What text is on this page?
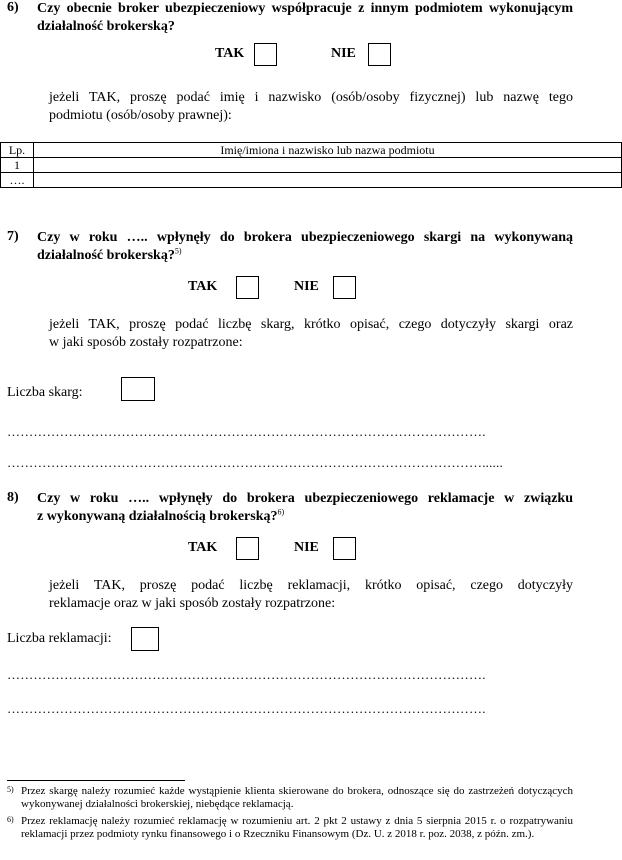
6) Czy obecnie broker ubezpieczeniowy współpracuje z innym podmiotem wykonującym
działalność brokerską?
TAK	NIE
jeżeli TAK, proszę podać imię i nazwisko (osób/osoby fizycznej) lub nazwę tego
podmiotu (osób/osoby prawnej):
Lp.	Imię/imiona i nazwisko lub nazwa podmiotu
1	
….	
7) Czy w roku ….. wpłynęły do brokera ubezpieczeniowego skargi na wykonywaną
działalność brokerską?$^{5)}$
TAK	NIE
jeżeli TAK, proszę podać liczbę skarg, krótko opisać, czego dotyczyły skargi oraz
w jaki sposób zostały rozpatrzone:
Liczba skarg:
……………………………………………………………………………………………….
………………………………………………………………………………………………......
8) Czy w roku ….. wpłynęły do brokera ubezpieczeniowego reklamacje w związku
z wykonywaną działalnością brokerską?$^{6)}$
TAK	NIE
jeżeli TAK, proszę podać liczbę reklamacji, krótko opisać, czego dotyczyły
reklamacje oraz w jaki sposób zostały rozpatrzone:
Liczba reklamacji:
……………………………………………………………………………………………….
……………………………………………………………………………………………….
5) Przez skargę należy rozumieć każde wystąpienie klienta skierowane do brokera, odnoszące się do zastrzeżeń dotyczących wykonywanej działalności brokerskiej, niebędące reklamacją.
6) Przez reklamację należy rozumieć reklamację w rozumieniu art. 2 pkt 2 ustawy z dnia 5 sierpnia 2015 r. o rozpatrywaniu reklamacji przez podmioty rynku finansowego i o Rzeczniku Finansowym (Dz. U. z 2018 r. poz. 2038, z późn. zm.).
